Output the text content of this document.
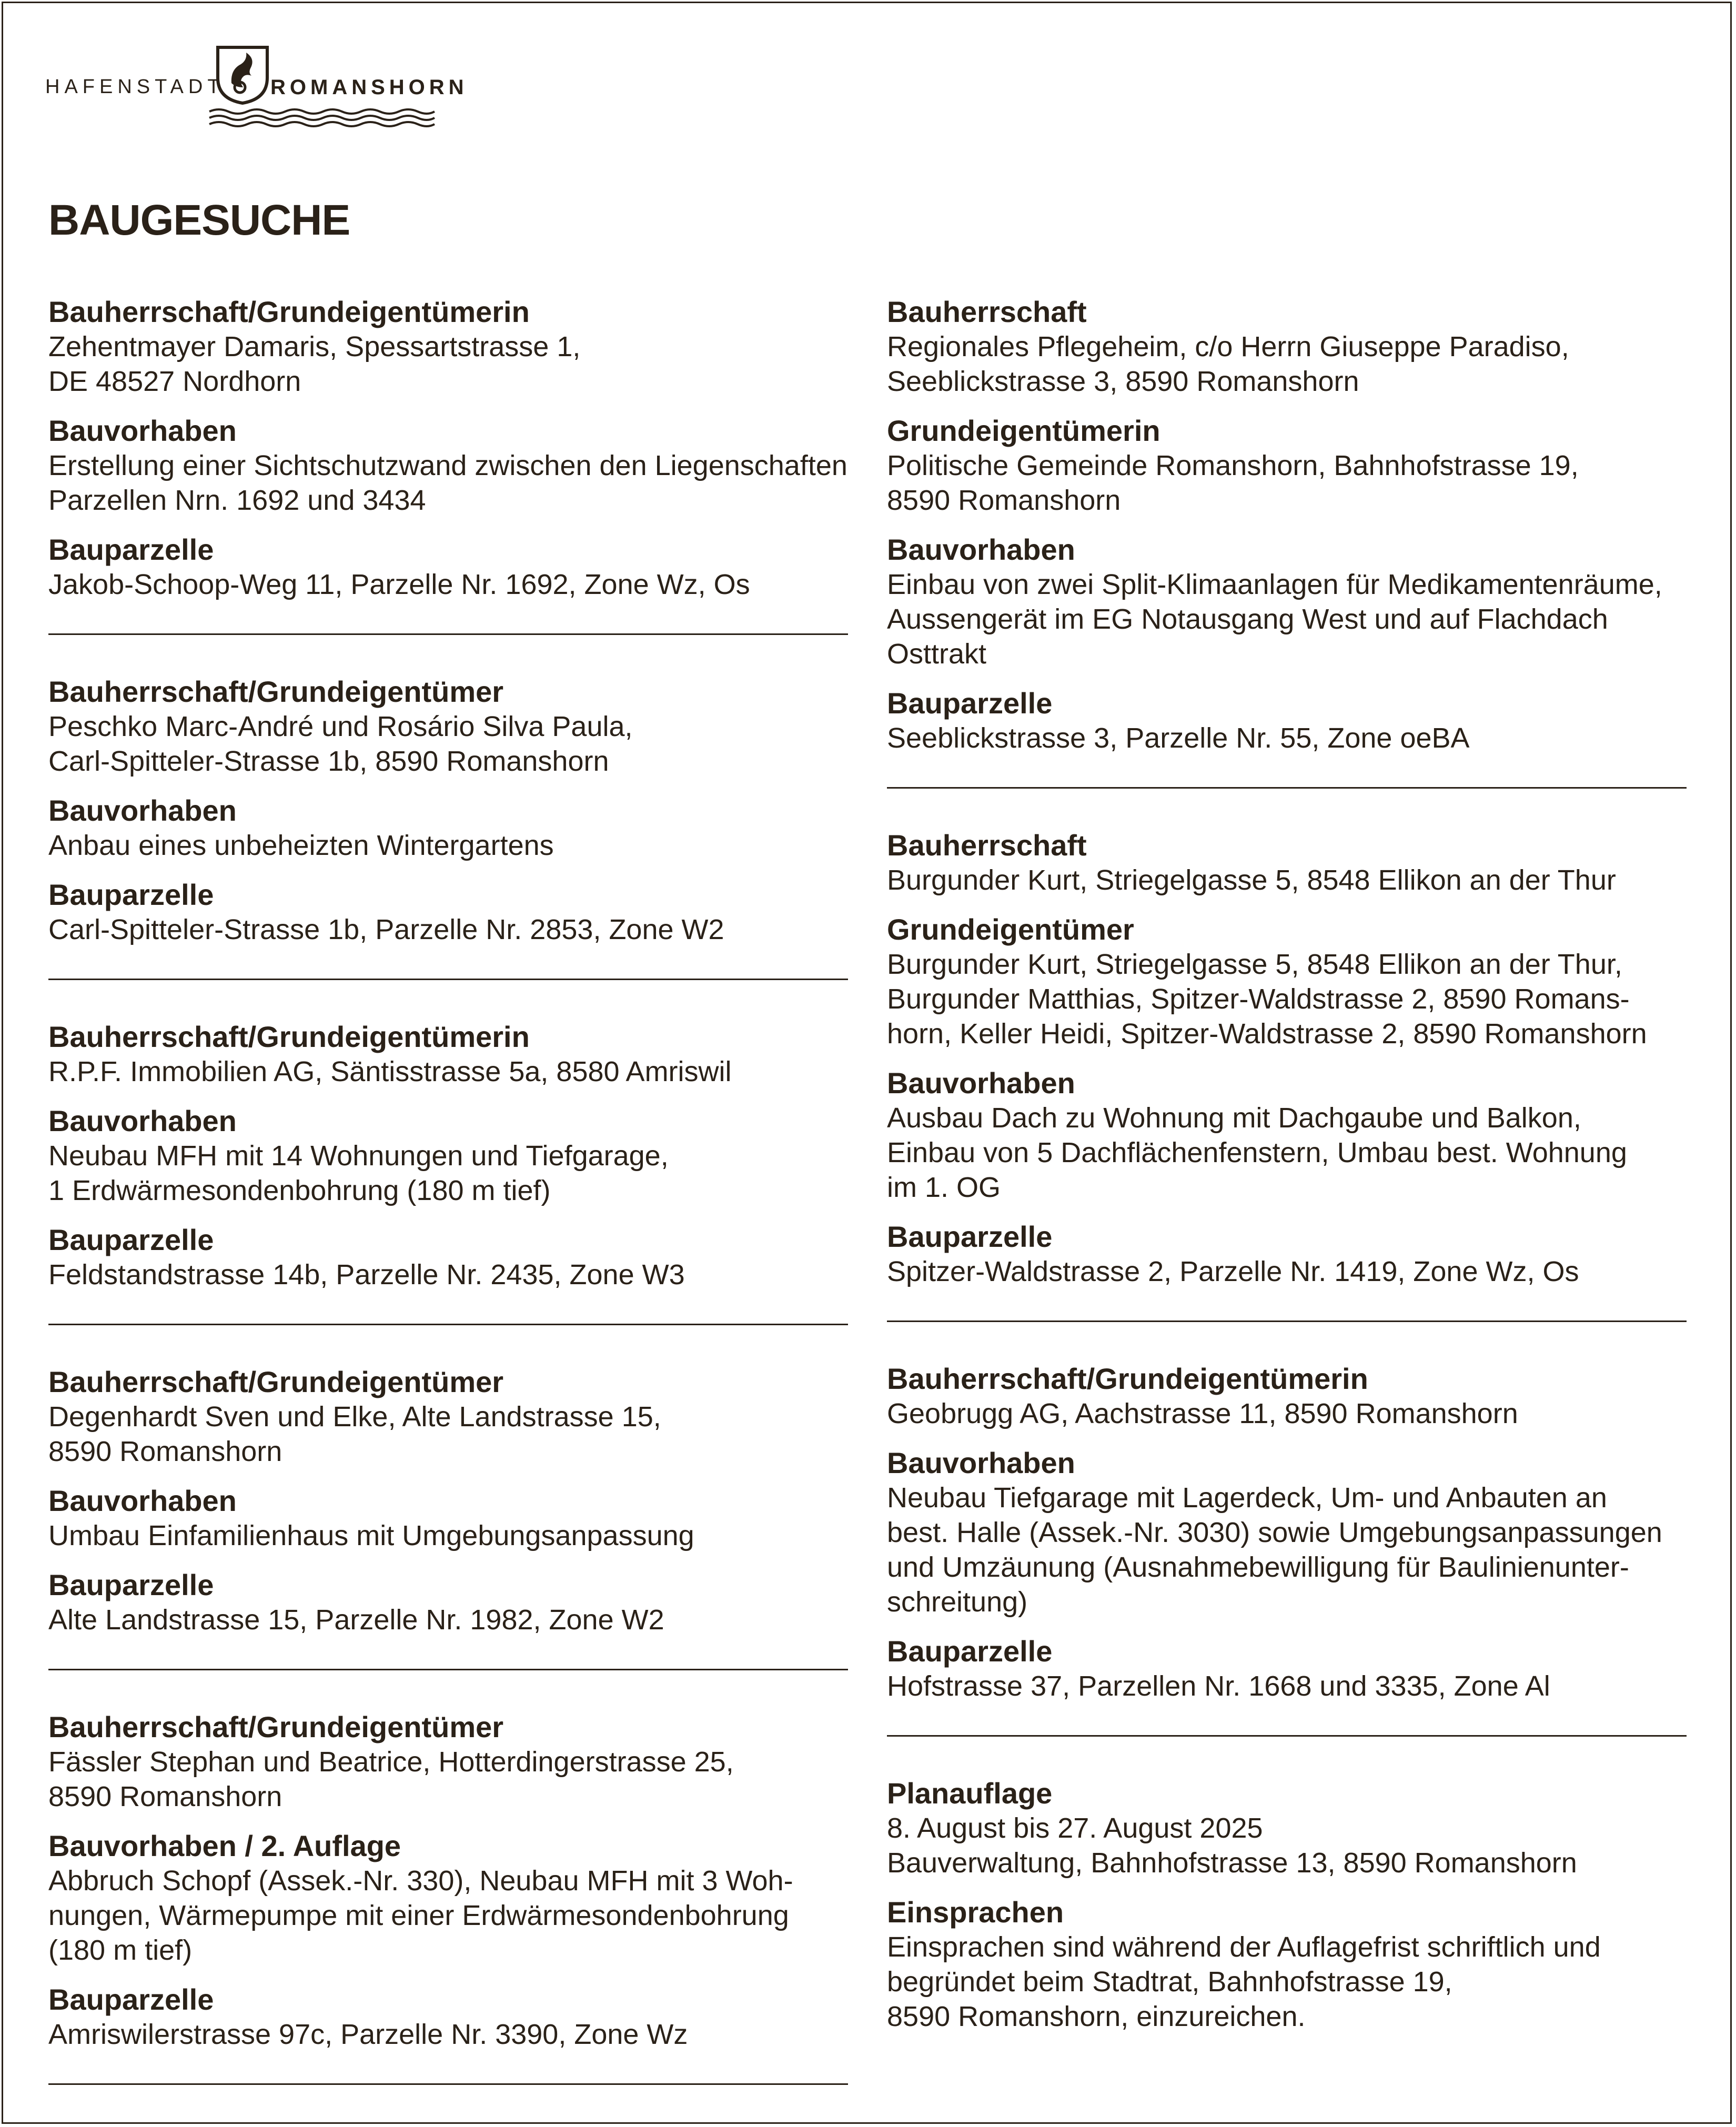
HAFENSTADT ROMANSHORN
BAUGESUCHE

Bauherrschaft/Grundeigentümerin

Zehentmayer Damaris, Spessartstrasse 1,
DE 48527 Nordhorn

Bauvorhaben

Erstellung einer Sichtschutzwand zwischen den Liegenschaften
Parzellen Nrn. 1692 und 3434

Bauparzelle

Jakob-Schoop-Weg 11, Parzelle Nr. 1692, Zone Wz, Os

Bauherrschaft/Grundeigentümer

Peschko Marc-André und Rosário Silva Paula,
Carl-Spitteler-Strasse 1b, 8590 Romanshorn

Bauvorhaben

Anbau eines unbeheizten Wintergartens

Bauparzelle

Carl-Spitteler-Strasse 1b, Parzelle Nr. 2853, Zone W2

Bauherrschaft/Grundeigentümerin

R.P.F. Immobilien AG, Säntisstrasse 5a, 8580 Amriswil

Bauvorhaben

Neubau MFH mit 14 Wohnungen und Tiefgarage,
1 Erdwärmesondenbohrung (180 m tief)

Bauparzelle

Feldstandstrasse 14b, Parzelle Nr. 2435, Zone W3

Bauherrschaft/Grundeigentümer

Degenhardt Sven und Elke, Alte Landstrasse 15,
8590 Romanshorn

Bauvorhaben

Umbau Einfamilienhaus mit Umgebungsanpassung

Bauparzelle

Alte Landstrasse 15, Parzelle Nr. 1982, Zone W2

Bauherrschaft/Grundeigentümer

Fässler Stephan und Beatrice, Hotterdingerstrasse 25,
8590 Romanshorn

Bauvorhaben / 2. Auflage

Abbruch Schopf (Assek.-Nr. 330), Neubau MFH mit 3 Woh-
nungen, Wärmepumpe mit einer Erdwärmesondenbohrung
(180 m tief)

Bauparzelle

Amriswilerstrasse 97c, Parzelle Nr. 3390, Zone Wz

Bauherrschaft

Regionales Pflegeheim, c/o Herrn Giuseppe Paradiso,
Seeblickstrasse 3, 8590 Romanshorn

Grundeigentümerin

Politische Gemeinde Romanshorn, Bahnhofstrasse 19,
8590 Romanshorn

Bauvorhaben

Einbau von zwei Split-Klimaanlagen für Medikamentenräume,
Aussengerät im EG Notausgang West und auf Flachdach
Osttrakt

Bauparzelle

Seeblickstrasse 3, Parzelle Nr. 55, Zone oeBA

Bauherrschaft

Burgunder Kurt, Striegelgasse 5, 8548 Ellikon an der Thur

Grundeigentümer

Burgunder Kurt, Striegelgasse 5, 8548 Ellikon an der Thur,
Burgunder Matthias, Spitzer-Waldstrasse 2, 8590 Romans-
horn, Keller Heidi, Spitzer-Waldstrasse 2, 8590 Romanshorn

Bauvorhaben

Ausbau Dach zu Wohnung mit Dachgaube und Balkon,
Einbau von 5 Dachflächenfenstern, Umbau best. Wohnung
im 1. OG

Bauparzelle

Spitzer-Waldstrasse 2, Parzelle Nr. 1419, Zone Wz, Os

Bauherrschaft/Grundeigentümerin

Geobrugg AG, Aachstrasse 11, 8590 Romanshorn

Bauvorhaben

Neubau Tiefgarage mit Lagerdeck, Um- und Anbauten an
best. Halle (Assek.-Nr. 3030) sowie Umgebungsanpassungen
und Umzäunung (Ausnahmebewilligung für Baulinienunter-
schreitung)

Bauparzelle

Hofstrasse 37, Parzellen Nr. 1668 und 3335, Zone Al

Planauflage

8. August bis 27. August 2025
Bauverwaltung, Bahnhofstrasse 13, 8590 Romanshorn

Einsprachen

Einsprachen sind während der Auflagefrist schriftlich und
begründet beim Stadtrat, Bahnhofstrasse 19,
8590 Romanshorn, einzureichen.
